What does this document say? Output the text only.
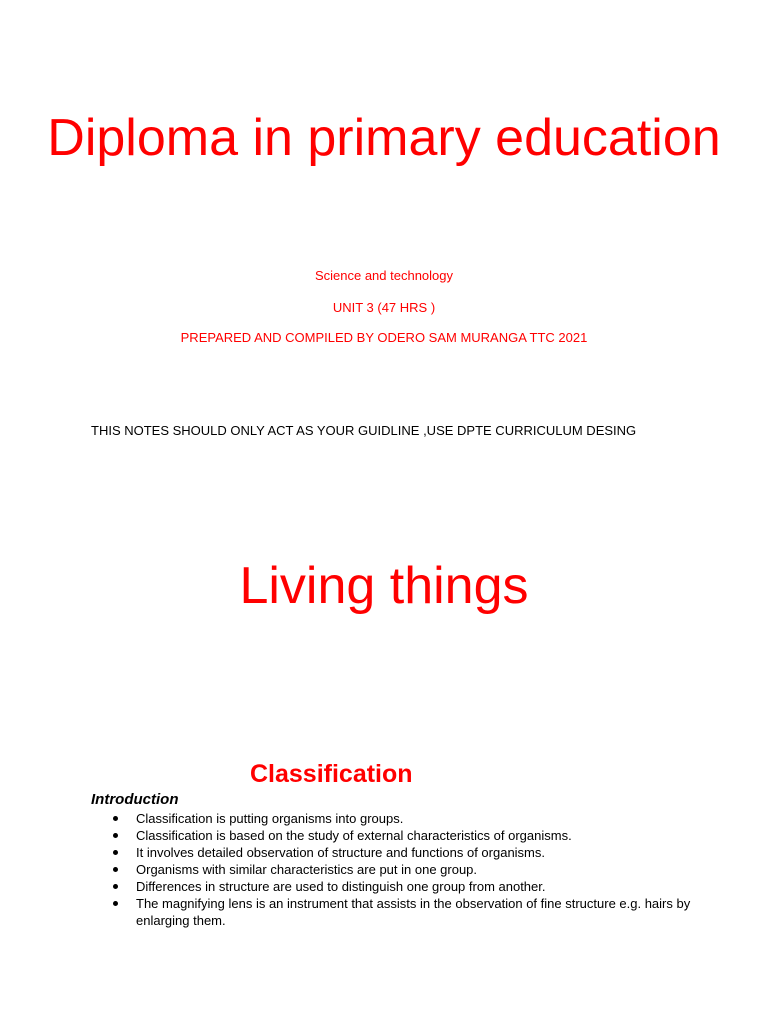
Diploma in primary education

Science and technology

UNIT 3 (47 HRS )

PREPARED AND COMPILED BY ODERO SAM MURANGA TTC 2021

THIS NOTES SHOULD ONLY ACT AS YOUR GUIDLINE ,USE DPTE CURRICULUM DESING

Living things
Classification

Introduction

Classification is putting organisms into groups.
Classification is based on the study of external characteristics of organisms.
It involves detailed observation of structure and functions of organisms.
Organisms with similar characteristics are put in one group.
Differences in structure are used to distinguish one group from another.
The magnifying lens is an instrument that assists in the observation of fine structure e.g. hairs by enlarging them.
